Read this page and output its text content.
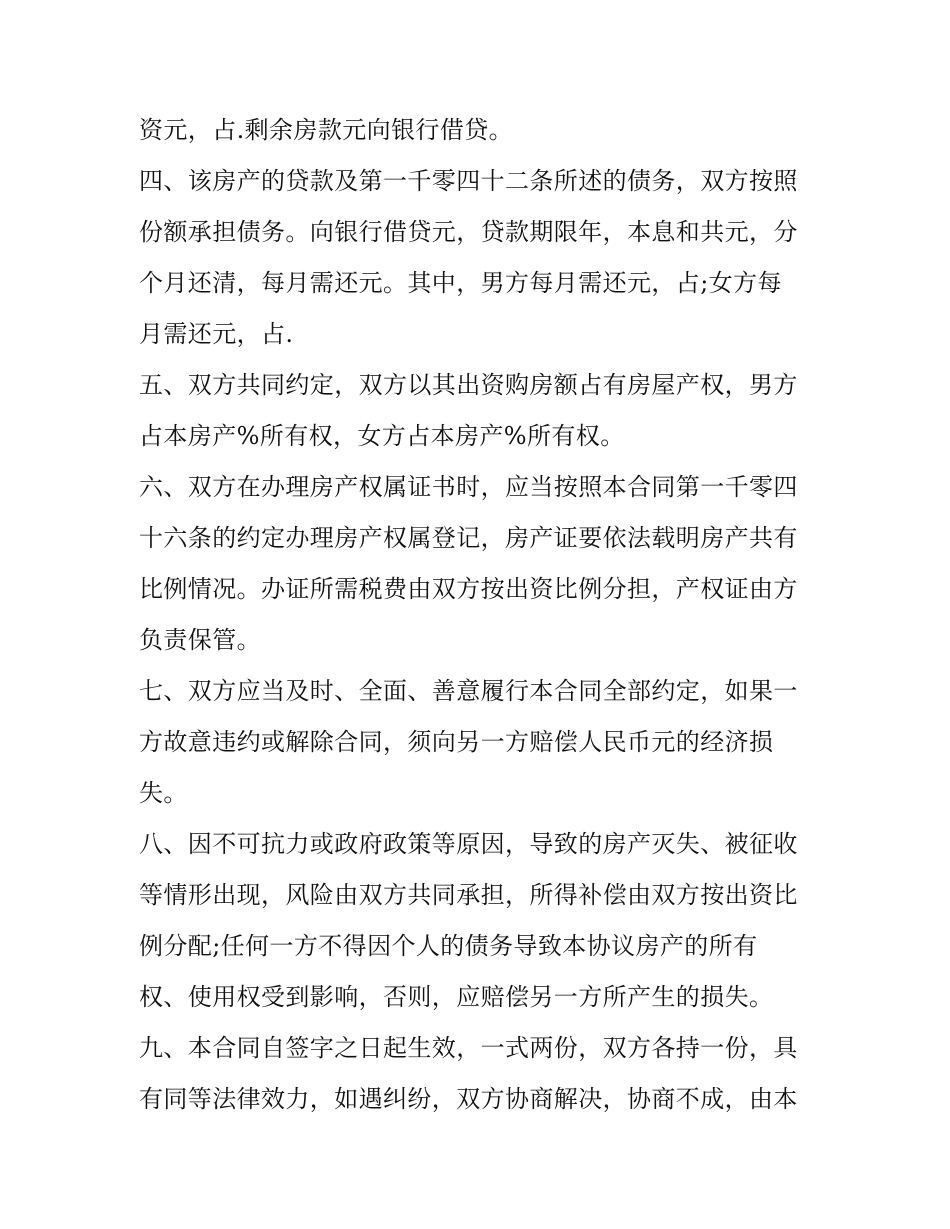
资元，占.剩余房款元向银行借贷。
四、该房产的贷款及第一千零四十二条所述的债务，双方按照
份额承担债务。向银行借贷元，贷款期限年，本息和共元，分
个月还清，每月需还元。其中，男方每月需还元，占;女方每
月需还元，占.
五、双方共同约定，双方以其出资购房额占有房屋产权，男方
占本房产%所有权，女方占本房产%所有权。
六、双方在办理房产权属证书时，应当按照本合同第一千零四
十六条的约定办理房产权属登记，房产证要依法载明房产共有
比例情况。办证所需税费由双方按出资比例分担，产权证由方
负责保管。
七、双方应当及时、全面、善意履行本合同全部约定，如果一
方故意违约或解除合同，须向另一方赔偿人民币元的经济损
失。
八、因不可抗力或政府政策等原因，导致的房产灭失、被征收
等情形出现，风险由双方共同承担，所得补偿由双方按出资比
例分配;任何一方不得因个人的债务导致本协议房产的所有
权、使用权受到影响，否则，应赔偿另一方所产生的损失。
九、本合同自签字之日起生效，一式两份，双方各持一份，具
有同等法律效力，如遇纠纷，双方协商解决，协商不成，由本
